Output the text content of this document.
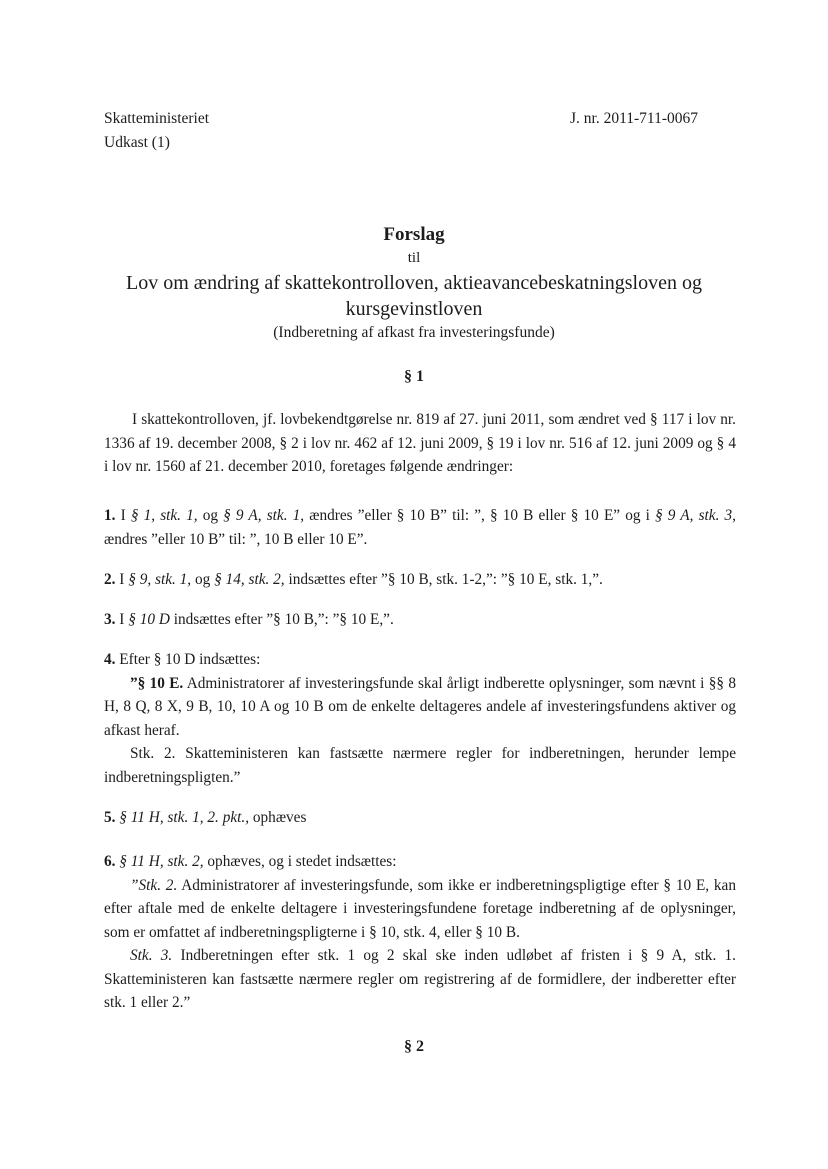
Skatteministeriet
Udkast (1)
J. nr. 2011-711-0067
Forslag
til
Lov om ændring af skattekontrolloven, aktieavancebeskatningsloven og
kursgevinstloven
(Indberetning af afkast fra investeringsfunde)
§ 1

I skattekontrolloven, jf. lovbekendtgørelse nr. 819 af 27. juni 2011, som ændret ved § 117 i lov nr. 1336 af 19. december 2008, § 2 i lov nr. 462 af 12. juni 2009, § 19 i lov nr. 516 af 12. juni 2009 og § 4 i lov nr. 1560 af 21. december 2010, foretages følgende ændringer:

1. I § 1, stk. 1, og § 9 A, stk. 1, ændres ”eller § 10 B” til: ”, § 10 B eller § 10 E” og i § 9 A, stk. 3, ændres ”eller 10 B” til: ”, 10 B eller 10 E”.

2. I § 9, stk. 1, og § 14, stk. 2, indsættes efter ”§ 10 B, stk. 1-2,”: ”§ 10 E, stk. 1,”.

3. I § 10 D indsættes efter ”§ 10 B,”: ”§ 10 E,”.

4. Efter § 10 D indsættes:

”§ 10 E. Administratorer af investeringsfunde skal årligt indberette oplysninger, som nævnt i §§ 8 H, 8 Q, 8 X, 9 B, 10, 10 A og 10 B om de enkelte deltageres andele af investeringsfundens aktiver og afkast heraf.

Stk. 2. Skatteministeren kan fastsætte nærmere regler for indberetningen, herunder lempe indberetningspligten.”

5. § 11 H, stk. 1, 2. pkt., ophæves

6. § 11 H, stk. 2, ophæves, og i stedet indsættes:

”Stk. 2. Administratorer af investeringsfunde, som ikke er indberetningspligtige efter § 10 E, kan efter aftale med de enkelte deltagere i investeringsfundene foretage indberetning af de oplysninger, som er omfattet af indberetningspligterne i § 10, stk. 4, eller § 10 B.

Stk. 3. Indberetningen efter stk. 1 og 2 skal ske inden udløbet af fristen i § 9 A, stk. 1. Skatteministeren kan fastsætte nærmere regler om registrering af de formidlere, der indberetter efter stk. 1 eller 2.”

§ 2
